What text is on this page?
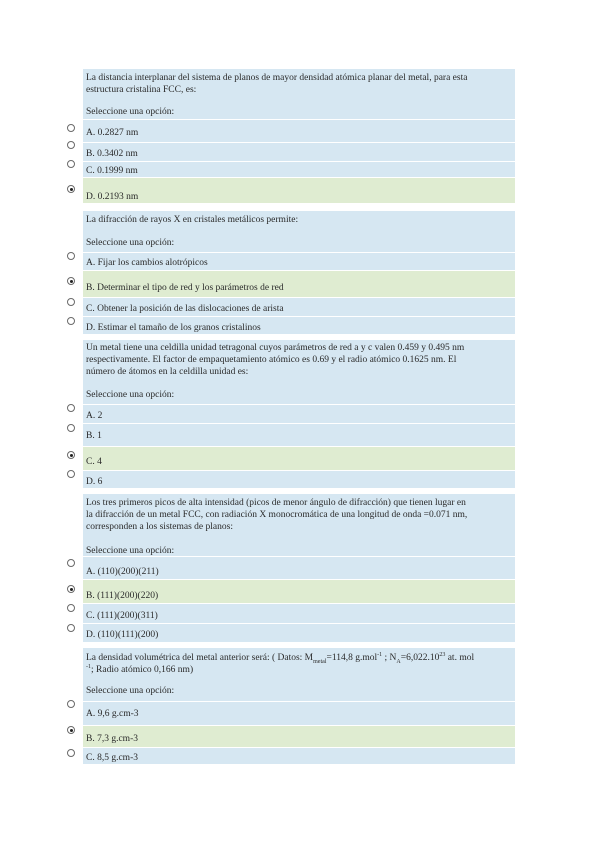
La distancia interplanar del sistema de planos de mayor densidad atómica planar del metal, para esta
estructura cristalina FCC, es:
Seleccione una opción:
A. 0.2827 nm
B. 0.3402 nm
C. 0.1999 nm
D. 0.2193 nm
La difracción de rayos X en cristales metálicos permite:
Seleccione una opción:
A. Fijar los cambios alotrópicos
B. Determinar el tipo de red y los parámetros de red
C. Obtener la posición de las dislocaciones de arista
D. Estimar el tamaño de los granos cristalinos
Un metal tiene una celdilla unidad tetragonal cuyos parámetros de red a y c valen 0.459 y 0.495 nm
respectivamente. El factor de empaquetamiento atómico es 0.69 y el radio atómico 0.1625 nm. El
número de átomos en la celdilla unidad es:
Seleccione una opción:
A. 2
B. 1
C. 4
D. 6
Los tres primeros picos de alta intensidad (picos de menor ángulo de difracción) que tienen lugar en
la difracción de un metal FCC, con radiación X monocromática de una longitud de onda =0.071 nm,
corresponden a los sistemas de planos:
Seleccione una opción:
A. (110)(200)(211)
B. (111)(200)(220)
C. (111)(200)(311)
D. (110)(111)(200)
La densidad volumétrica del metal anterior será: ( Datos: $M_{metal}=114,8$ g.mol$^{-1}$ ; $N_A=6,022.10^{23}$ at. mol
$^{-1}$; Radio atómico 0,166 nm)
Seleccione una opción:
A. 9,6 g.cm-3
B. 7,3 g.cm-3
C. 8,5 g.cm-3
